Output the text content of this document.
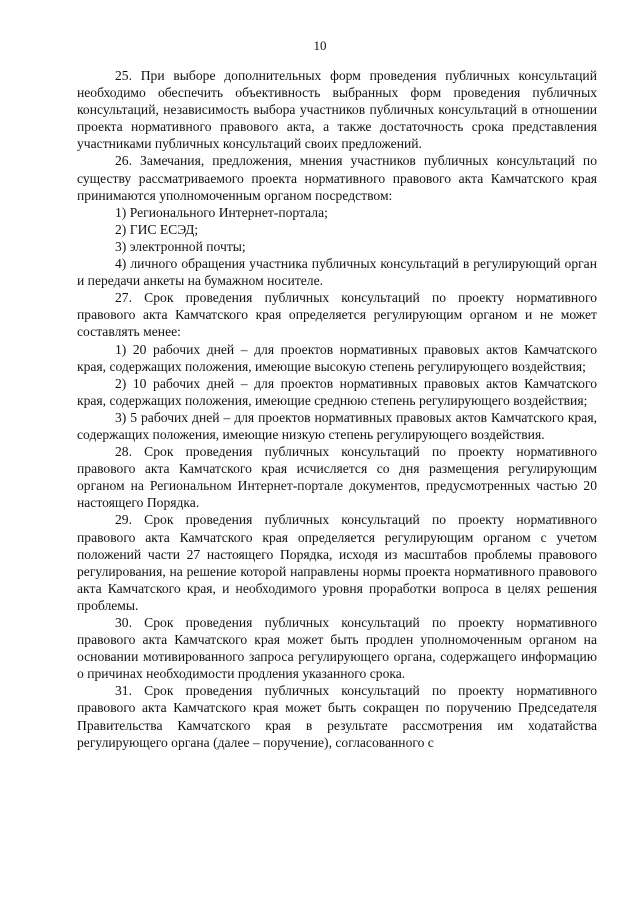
10

25. При выборе дополнительных форм проведения публичных консультаций необходимо обеспечить объективность выбранных форм проведения публичных консультаций, независимость выбора участников публичных консультаций в отношении проекта нормативного правового акта, а также достаточность срока представления участниками публичных консультаций своих предложений.

26. Замечания, предложения, мнения участников публичных консультаций по существу рассматриваемого проекта нормативного правового акта Камчатского края принимаются уполномоченным органом посредством:

1) Регионального Интернет-портала;

2) ГИС ЕСЭД;

3) электронной почты;

4) личного обращения участника публичных консультаций в регулирующий орган и передачи анкеты на бумажном носителе.

27. Срок проведения публичных консультаций по проекту нормативного правового акта Камчатского края определяется регулирующим органом и не может составлять менее:

1) 20 рабочих дней – для проектов нормативных правовых актов Камчатского края, содержащих положения, имеющие высокую степень регулирующего воздействия;

2) 10 рабочих дней – для проектов нормативных правовых актов Камчатского края, содержащих положения, имеющие среднюю степень регулирующего воздействия;

3) 5 рабочих дней – для проектов нормативных правовых актов Камчатского края, содержащих положения, имеющие низкую степень регулирующего воздействия.

28. Срок проведения публичных консультаций по проекту нормативного правового акта Камчатского края исчисляется со дня размещения регулирующим органом на Региональном Интернет-портале документов, предусмотренных частью 20 настоящего Порядка.

29. Срок проведения публичных консультаций по проекту нормативного правового акта Камчатского края определяется регулирующим органом с учетом положений части 27 настоящего Порядка, исходя из масштабов проблемы правового регулирования, на решение которой направлены нормы проекта нормативного правового акта Камчатского края, и необходимого уровня проработки вопроса в целях решения проблемы.

30. Срок проведения публичных консультаций по проекту нормативного правового акта Камчатского края может быть продлен уполномоченным органом на основании мотивированного запроса регулирующего органа, содержащего информацию о причинах необходимости продления указанного срока.

31. Срок проведения публичных консультаций по проекту нормативного правового акта Камчатского края может быть сокращен по поручению Председателя Правительства Камчатского края в результате рассмотрения им ходатайства регулирующего органа (далее – поручение), согласованного с
